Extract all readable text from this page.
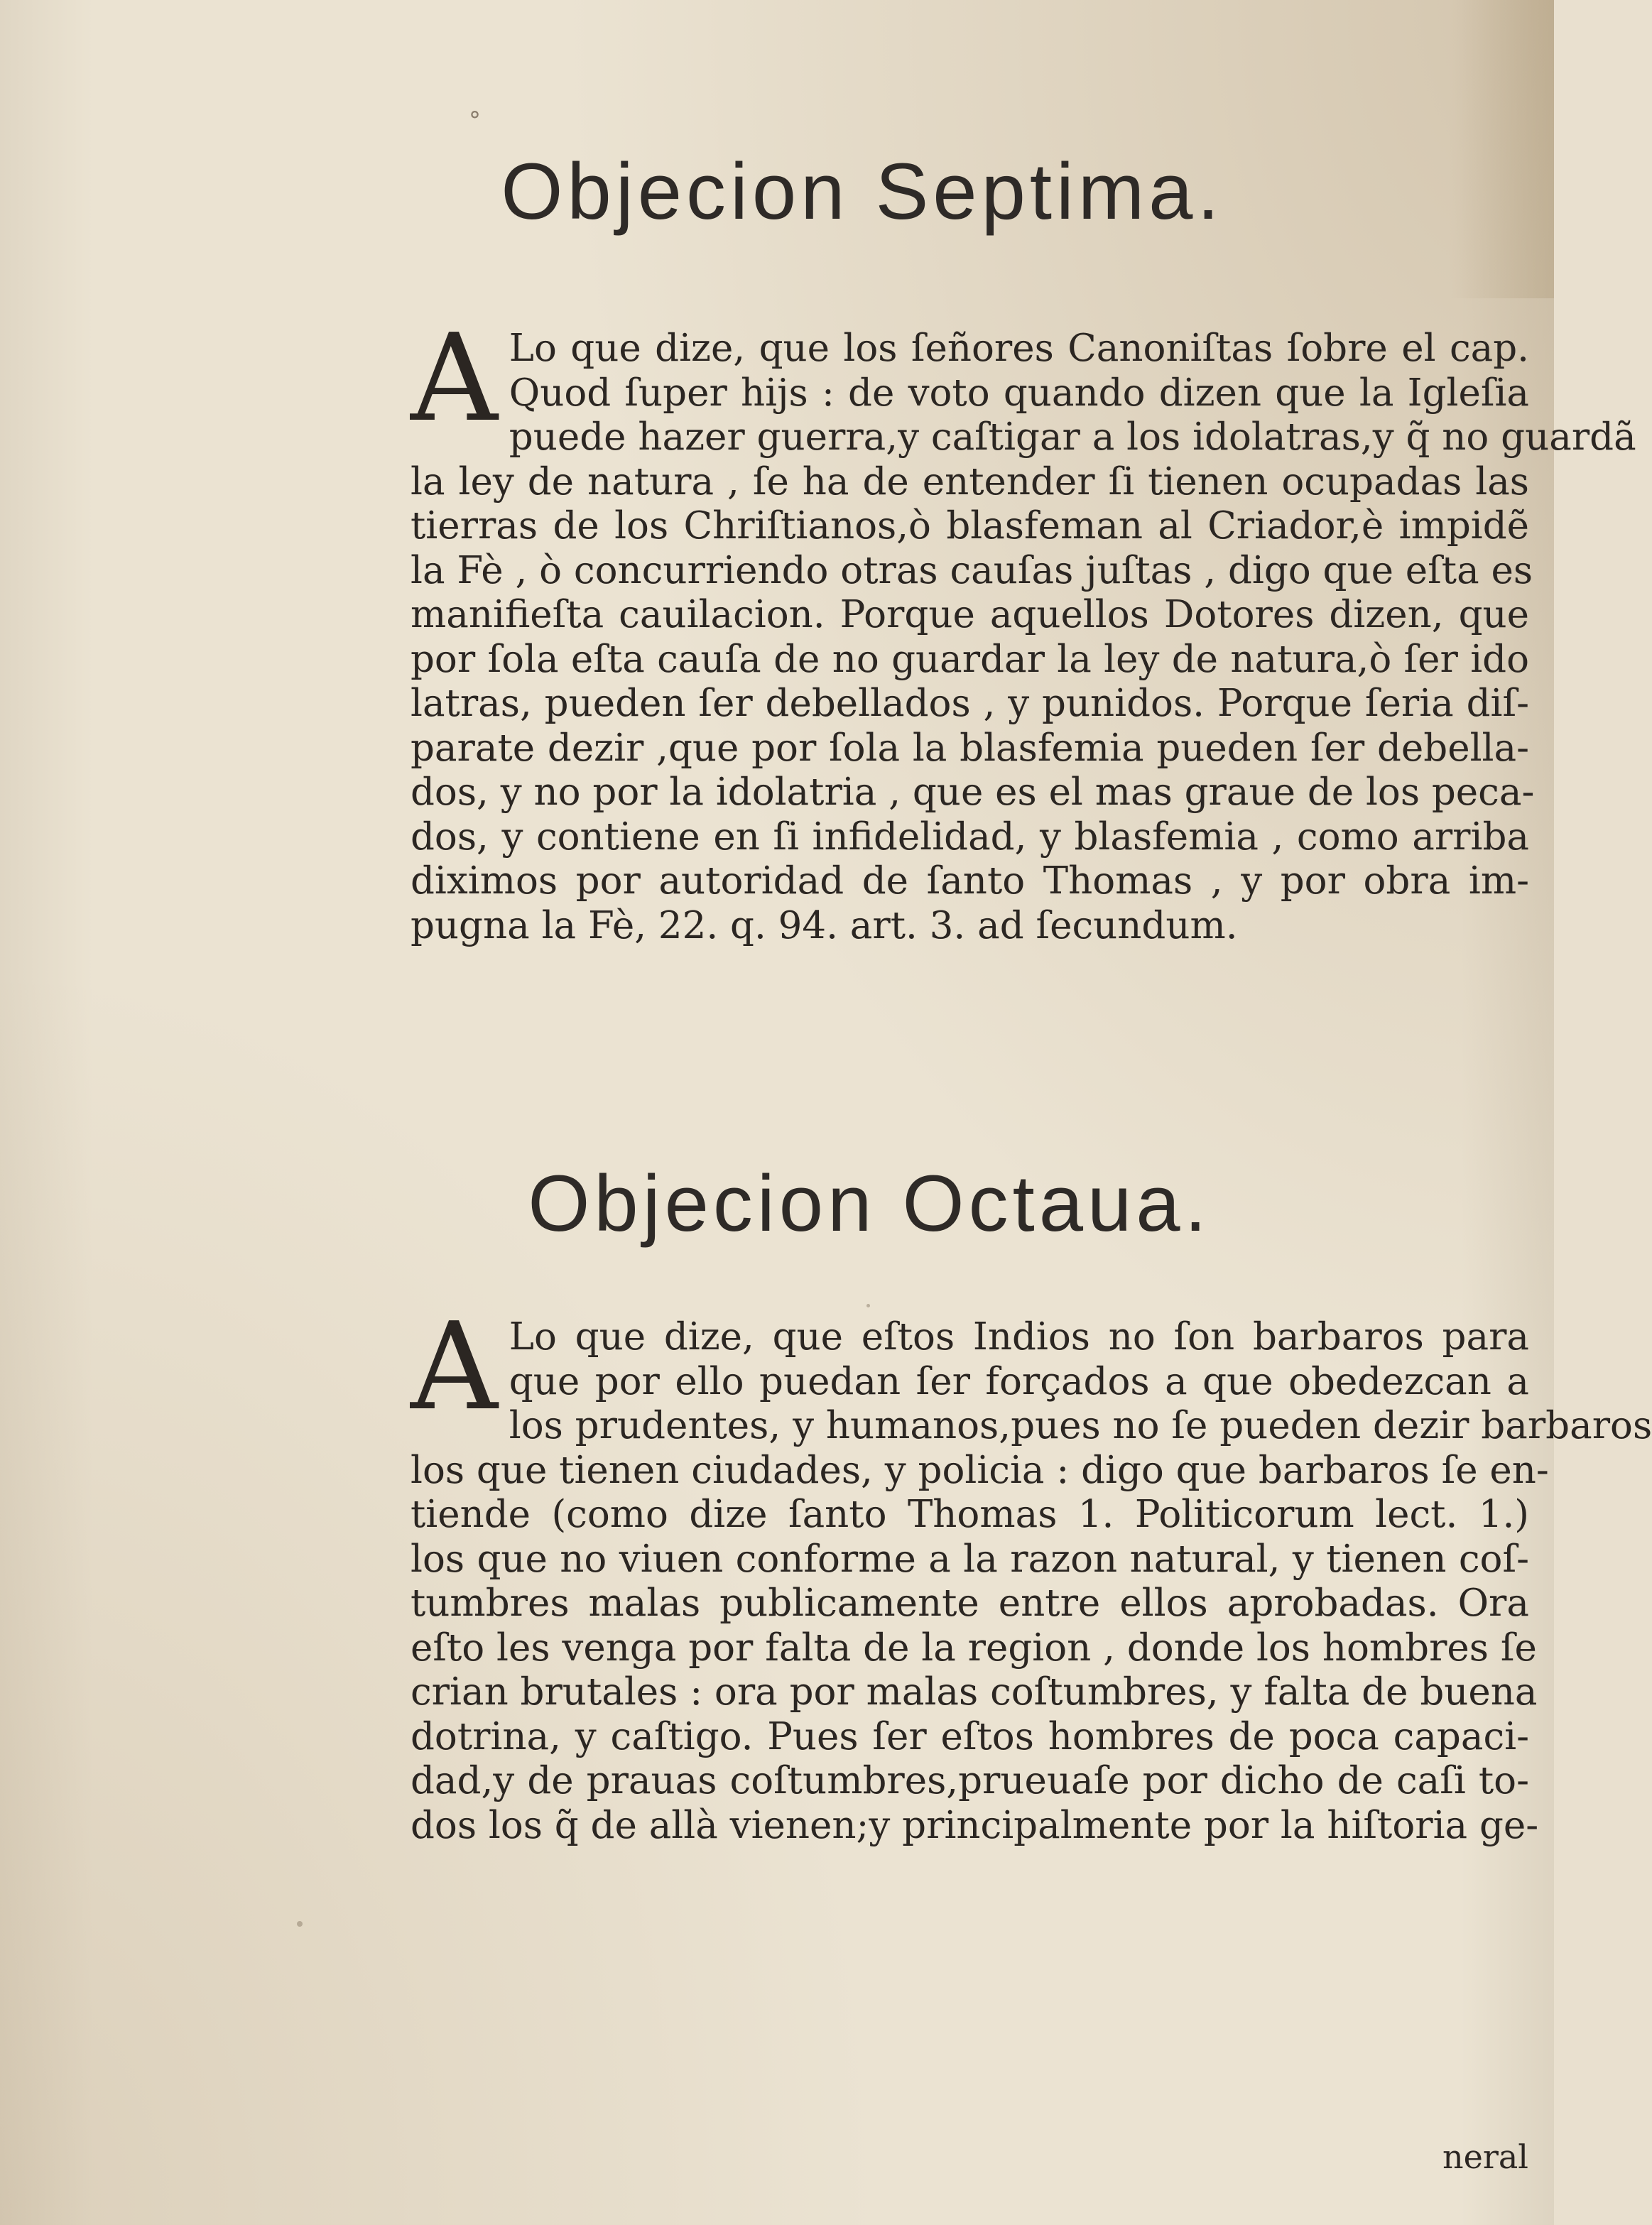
°
Objecion Septima.
A Lo que dize, que los ſeñores Canoniſtas ſobre el cap.
Quod ſuper hijs : de voto quando dizen que la Igleſia
puede hazer guerra,y caſtigar a los idolatras,y q̃ no guardã
la ley de natura , ſe ha de entender ſi tienen ocupadas las
tierras de los Chriſtianos,ò blasfeman al Criador,è impidẽ
la Fè , ò concurriendo otras cauſas juſtas , digo que eſta es
manifieſta cauilacion. Porque aquellos Dotores dizen, que
por ſola eſta cauſa de no guardar la ley de natura,ò ſer ido
latras, pueden ſer debellados , y punidos. Porque ſeria diſ-
parate dezir ,que por ſola la blasfemia pueden ſer debella-
dos, y no por la idolatria , que es el mas graue de los peca-
dos, y contiene en ſi infidelidad, y blasfemia , como arriba
diximos por autoridad de ſanto Thomas , y por obra im-
pugna la Fè, 22. q. 94. art. 3. ad ſecundum.
Objecion Octaua.
A Lo que dize, que eſtos Indios no ſon barbaros para
que por ello puedan ſer forçados a que obedezcan a
los prudentes, y humanos,pues no ſe pueden dezir barbaros
los que tienen ciudades, y policia : digo que barbaros ſe en-
tiende (como dize ſanto Thomas 1. Politicorum lect. 1.)
los que no viuen conforme a la razon natural, y tienen coſ-
tumbres malas publicamente entre ellos aprobadas. Ora
eſto les venga por falta de la region , donde los hombres ſe
crian brutales : ora por malas coſtumbres, y falta de buena
dotrina, y caſtigo. Pues ſer eſtos hombres de poca capaci-
dad,y de prauas coſtumbres,prueuaſe por dicho de caſi to-
dos los q̃ de allà vienen;y principalmente por la hiſtoria ge-
neral
